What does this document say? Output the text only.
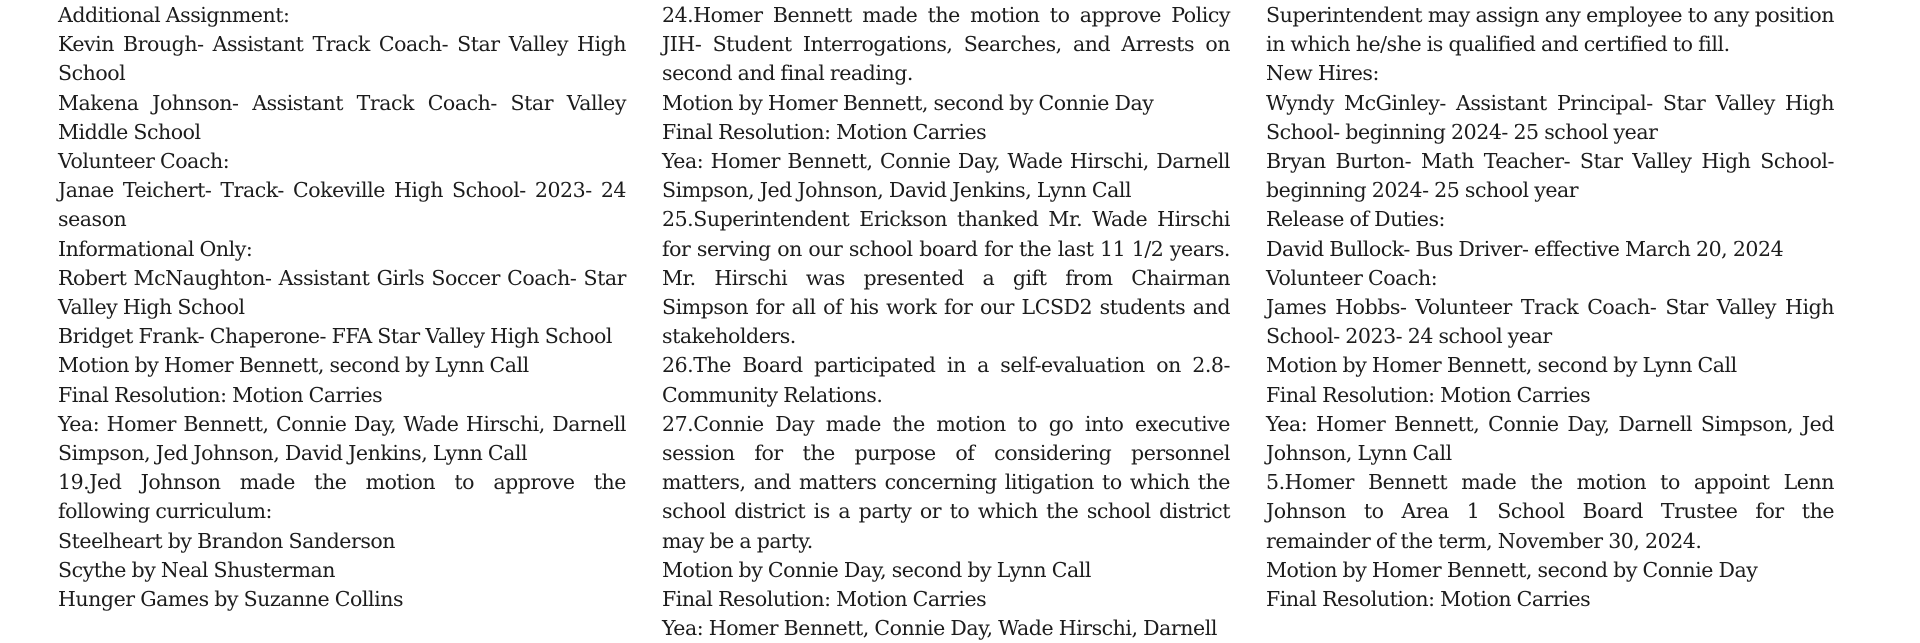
Additional Assignment:

Kevin Brough- Assistant Track Coach- Star Valley High School

Makena Johnson- Assistant Track Coach- Star Valley Middle School

Volunteer Coach:

Janae Teichert- Track- Cokeville High School- 2023- 24 season

Informational Only:

Robert McNaughton- Assistant Girls Soccer Coach- Star Valley High School

Bridget Frank- Chaperone- FFA Star Valley High School

Motion by Homer Bennett, second by Lynn Call

Final Resolution: Motion Carries

Yea: Homer Bennett, Connie Day, Wade Hirschi, Darnell Simpson, Jed Johnson, David Jenkins, Lynn Call

19.Jed Johnson made the motion to approve the following curriculum:

Steelheart by Brandon Sanderson

Scythe by Neal Shusterman

Hunger Games by Suzanne Collins

24.Homer Bennett made the motion to approve Policy JIH- Student Interrogations, Searches, and Arrests on second and final reading.

Motion by Homer Bennett, second by Connie Day

Final Resolution: Motion Carries

Yea: Homer Bennett, Connie Day, Wade Hirschi, Darnell Simpson, Jed Johnson, David Jenkins, Lynn Call

25.Superintendent Erickson thanked Mr. Wade Hirschi for serving on our school board for the last 11 1/2 years. Mr. Hirschi was presented a gift from Chairman Simpson for all of his work for our LCSD2 students and stakeholders.

26.The Board participated in a self-evaluation on 2.8- Community Relations.

27.Connie Day made the motion to go into executive session for the purpose of considering personnel matters, and matters concerning litigation to which the school district is a party or to which the school district may be a party.

Motion by Connie Day, second by Lynn Call

Final Resolution: Motion Carries

Yea: Homer Bennett, Connie Day, Wade Hirschi, Darnell

Superintendent may assign any employee to any position in which he/she is qualified and certified to fill.

New Hires:

Wyndy McGinley- Assistant Principal- Star Valley High School- beginning 2024- 25 school year

Bryan Burton- Math Teacher- Star Valley High School- beginning 2024- 25 school year

Release of Duties:

David Bullock- Bus Driver- effective March 20, 2024

Volunteer Coach:

James Hobbs- Volunteer Track Coach- Star Valley High School- 2023- 24 school year

Motion by Homer Bennett, second by Lynn Call

Final Resolution: Motion Carries

Yea: Homer Bennett, Connie Day, Darnell Simpson, Jed Johnson, Lynn Call

5.Homer Bennett made the motion to appoint Lenn Johnson to Area 1 School Board Trustee for the remainder of the term, November 30, 2024.

Motion by Homer Bennett, second by Connie Day

Final Resolution: Motion Carries
